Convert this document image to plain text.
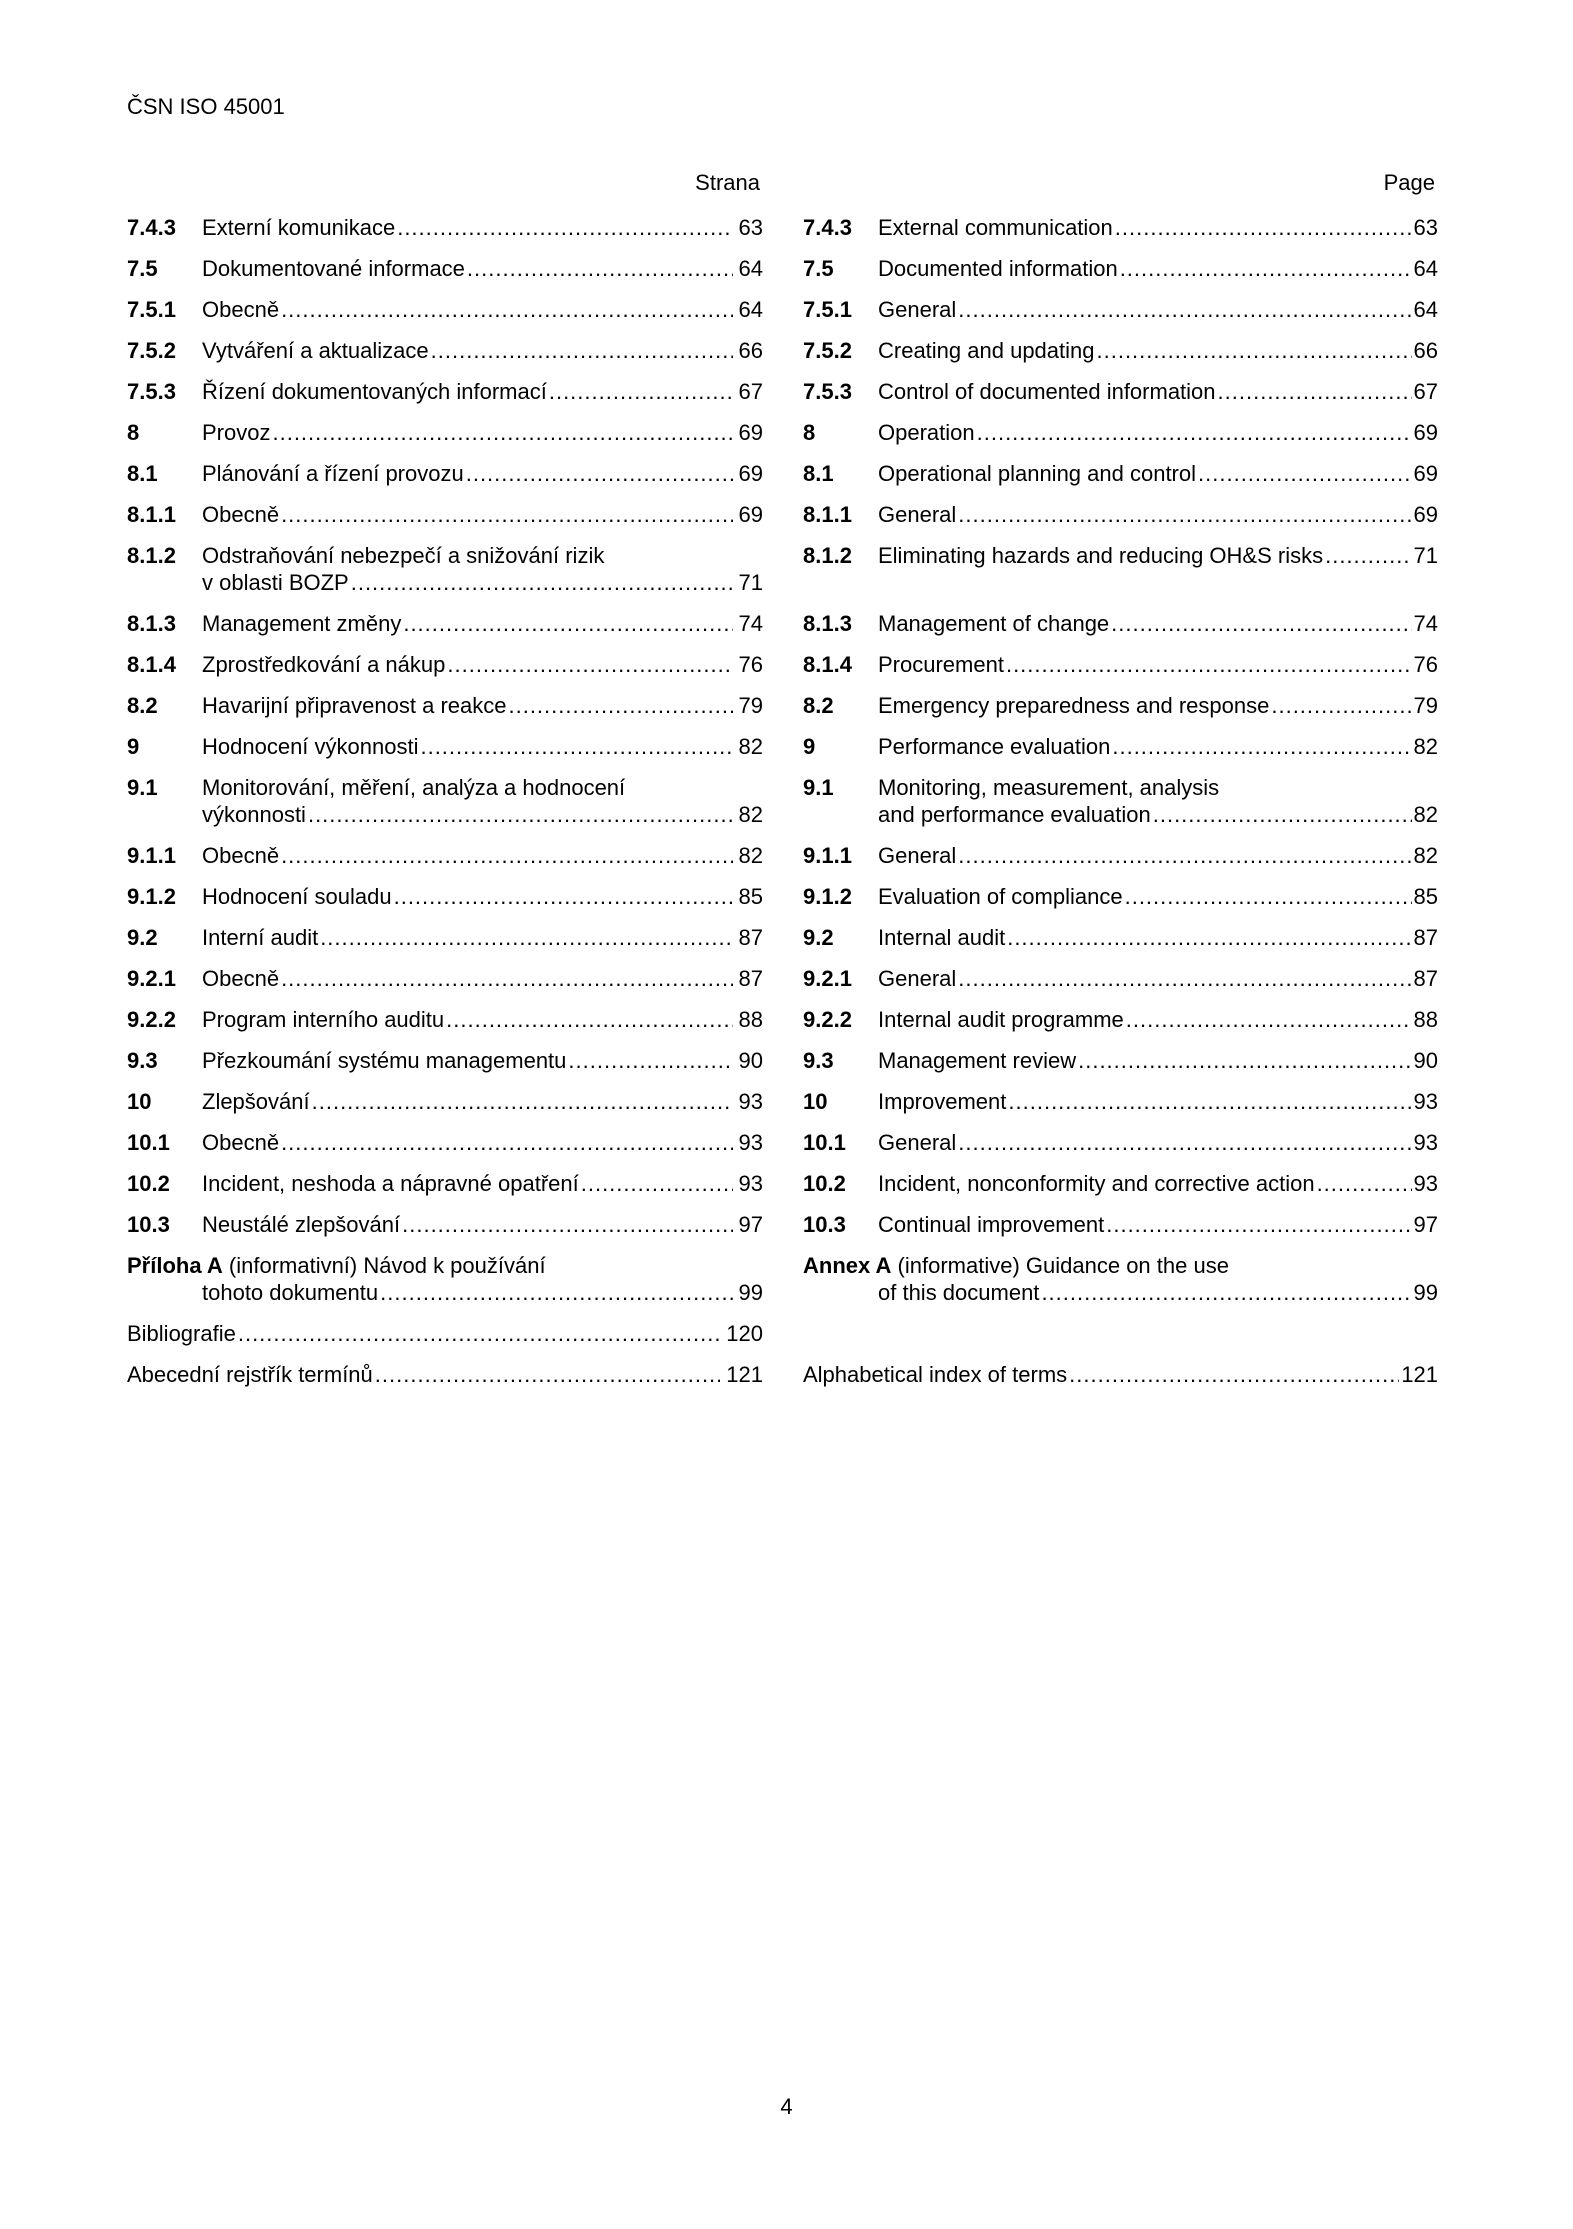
ČSN ISO 45001
Strana
7.4.3 Externí komunikace .....	63
7.5 Dokumentované informace .....	64
7.5.1 Obecně .....	64
7.5.2 Vytváření a aktualizace .....	66
7.5.3 Řízení dokumentovaných informací .....	67
8	Provoz .....	69
8.1 Plánování a řízení provozu .....	69
8.1.1 Obecně .....	69
8.1.2 Odstraňování nebezpečí a snižování rizik
v oblasti BOZP .....	71
8.1.3 Management změny .....	74
8.1.4 Zprostředkování a nákup .....	76
8.2 Havarijní připravenost a reakce .....	79
9	Hodnocení výkonnosti .....	82
9.1 Monitorování, měření, analýza a hodnocení
výkonnosti .....	82
9.1.1 Obecně .....	82
9.1.2 Hodnocení souladu .....	85
9.2 Interní audit .....	87
9.2.1 Obecně .....	87
9.2.2 Program interního auditu .....	88
9.3 Přezkoumání systému managementu .....	90
10 Zlepšování .....	93
10.1 Obecně .....	93
10.2 Incident, neshoda a nápravné opatření .....	93
10.3 Neustálé zlepšování .....	97
Příloha A (informativní) Návod k používání
tohoto dokumentu .....	99
Bibliografie .....	120
Abecední rejstřík termínů .....	121
Page
7.4.3 External communication .....	63
7.5 Documented information .....	64
7.5.1 General .....	64
7.5.2 Creating and updating .....	66
7.5.3 Control of documented information .....	67
8	Operation .....	69
8.1 Operational planning and control .....	69
8.1.1 General .....	69
8.1.2 Eliminating hazards and reducing OH&S risks .....	71
8.1.3 Management of change .....	74
8.1.4 Procurement .....	76
8.2 Emergency preparedness and response .....	79
9	Performance evaluation .....	82
9.1 Monitoring, measurement, analysis
and performance evaluation .....	82
9.1.1 General .....	82
9.1.2 Evaluation of compliance .....	85
9.2 Internal audit .....	87
9.2.1 General .....	87
9.2.2 Internal audit programme .....	88
9.3 Management review .....	90
10 Improvement .....	93
10.1 General .....	93
10.2 Incident, nonconformity and corrective action .....	93
10.3 Continual improvement .....	97
Annex A (informative) Guidance on the use
of this document .....	99
Alphabetical index of terms .....	121
4
